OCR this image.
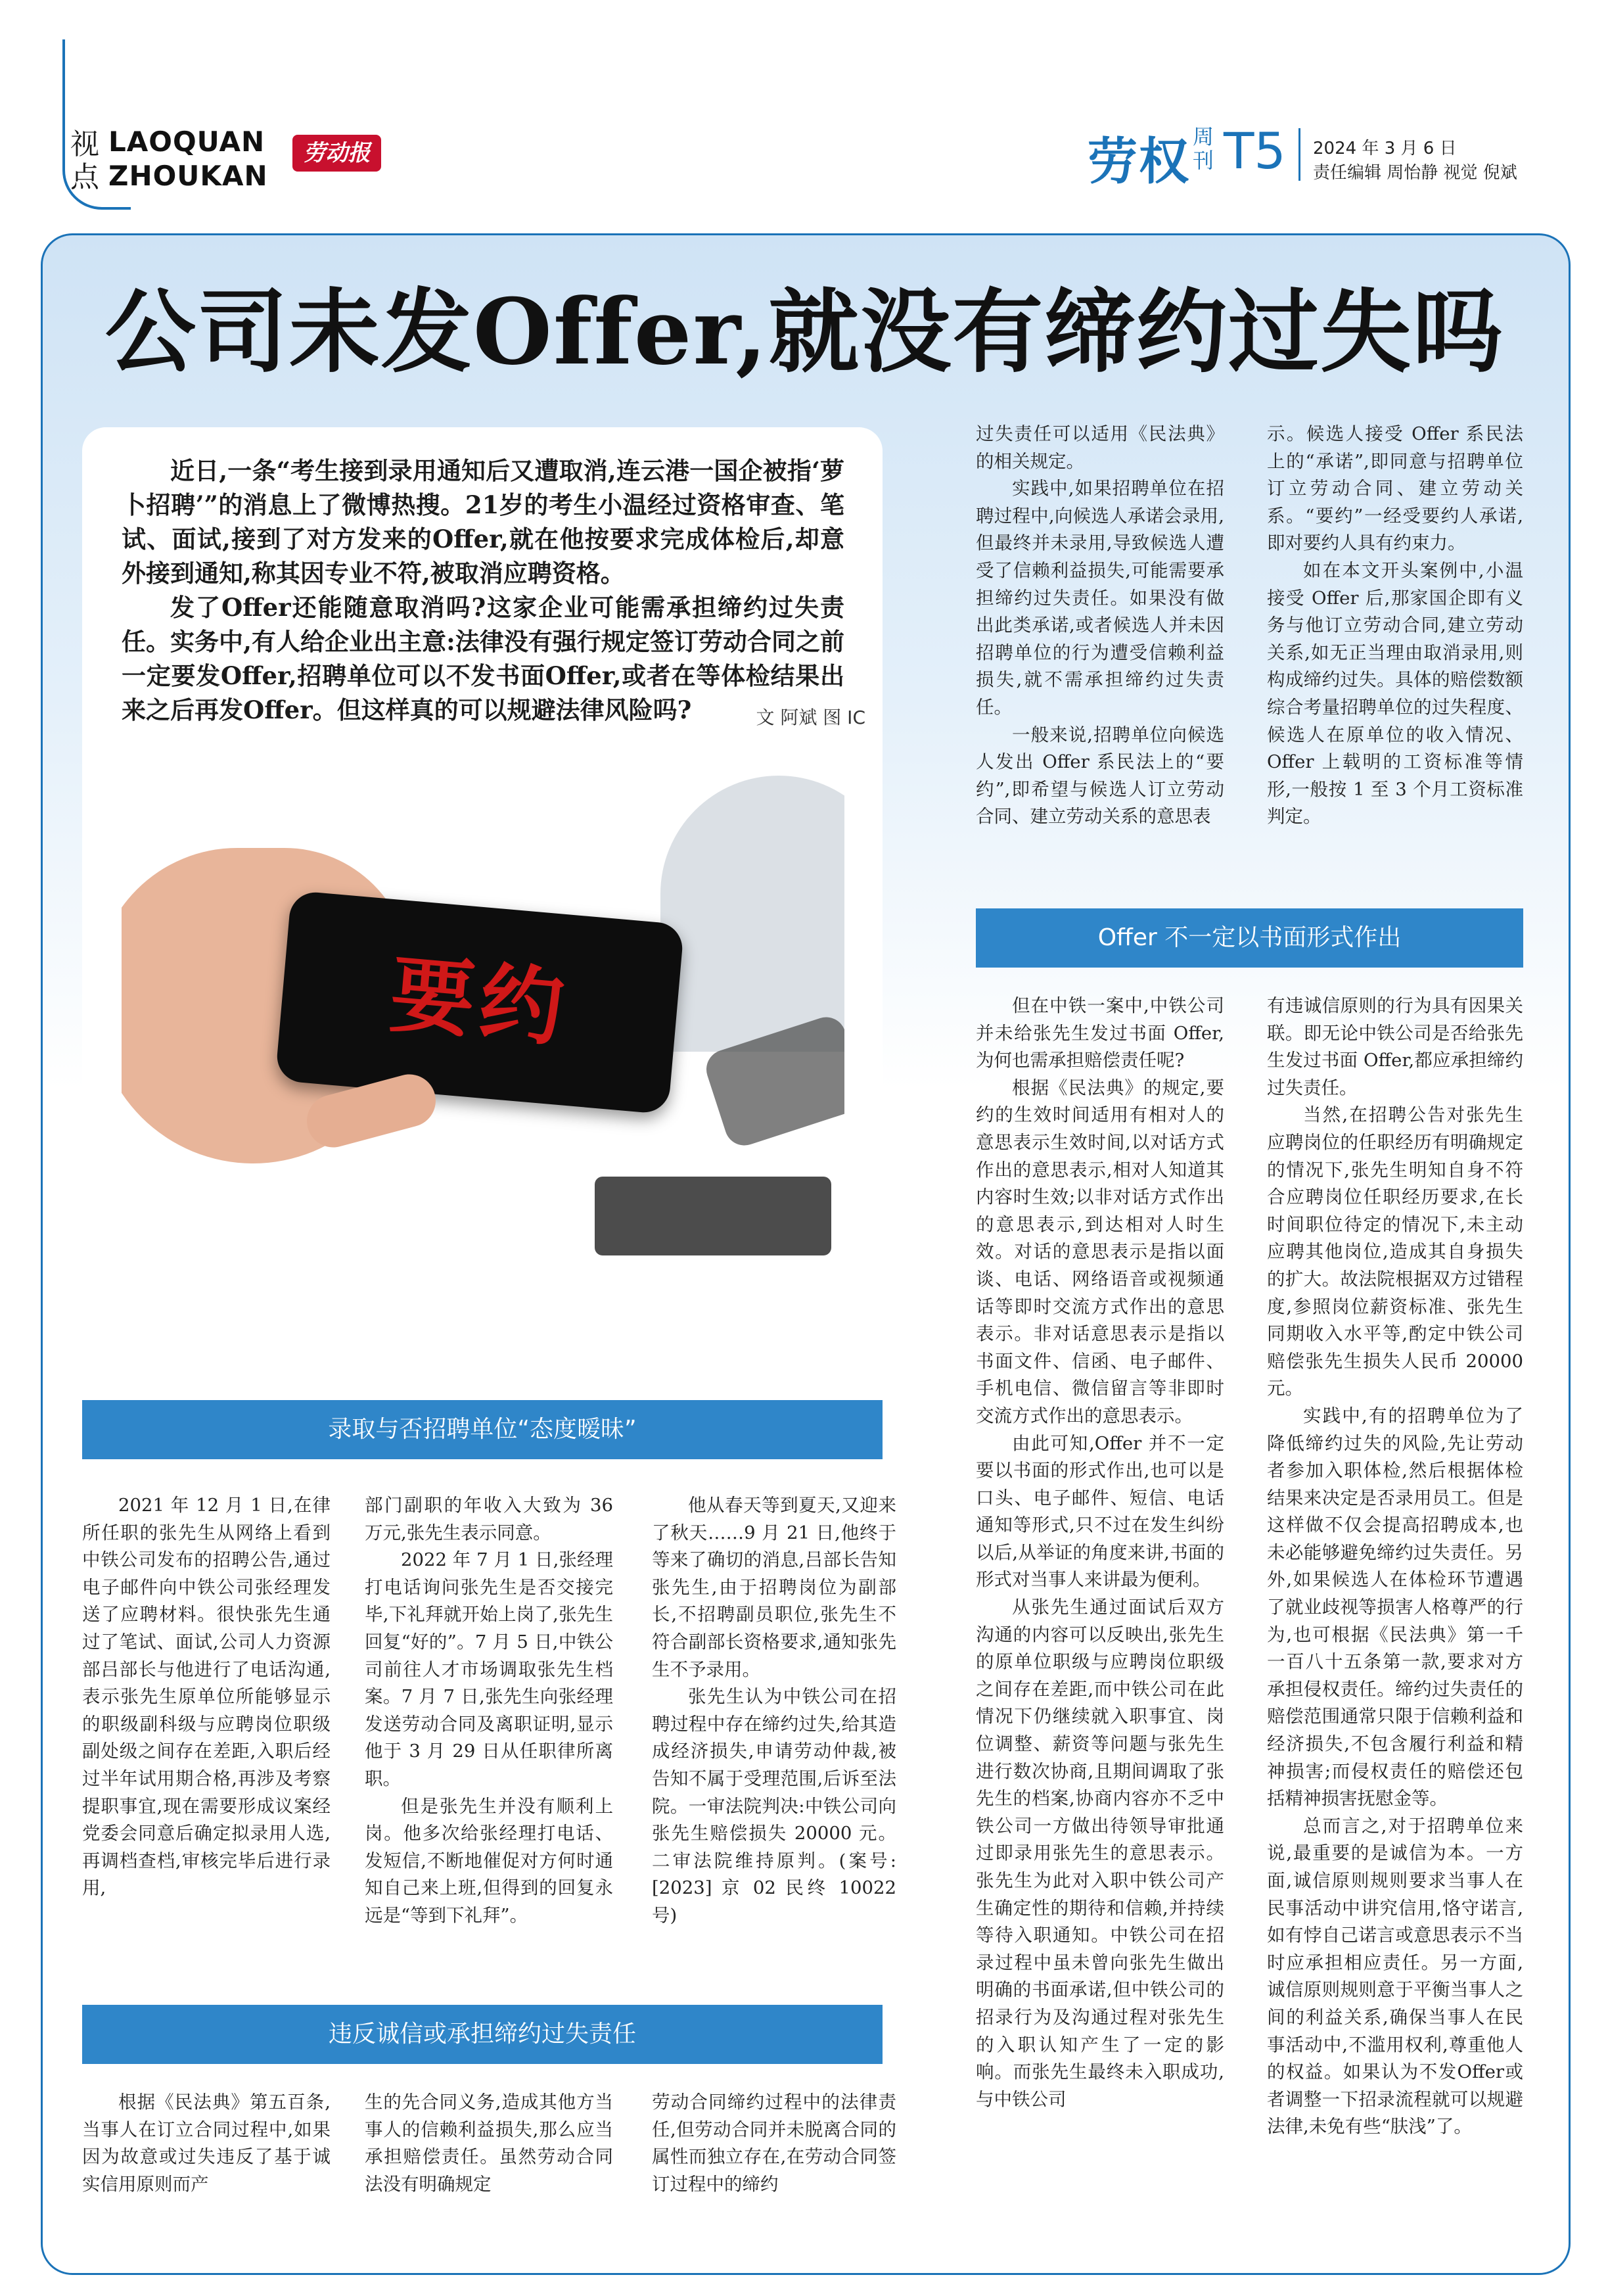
视点
LAOQUAN
ZHOUKAN
劳动报	劳权 周刊 T5 2024 年 3 月 6 日
责任编辑 周怡静 视觉 倪斌
公司未发Offer,就没有缔约过失吗

近日,一条“考生接到录用通知后又遭取消,连云港一国企被指‘萝卜招聘’”的消息上了微博热搜。21岁的考生小温经过资格审查、笔试、面试,接到了对方发来的Offer,就在他按要求完成体检后,却意外接到通知,称其因专业不符,被取消应聘资格。

发了Offer还能随意取消吗?这家企业可能需承担缔约过失责任。实务中,有人给企业出主意:法律没有强行规定签订劳动合同之前一定要发Offer,招聘单位可以不发书面Offer,或者在等体检结果出来之后再发Offer。但这样真的可以规避法律风险吗?	文 阿斌 图 IC
要约
录取与否招聘单位“态度暧昧”

2021 年 12 月 1 日,在律所任职的张先生从网络上看到中铁公司发布的招聘公告,通过电子邮件向中铁公司张经理发送了应聘材料。很快张先生通过了笔试、面试,公司人力资源部吕部长与他进行了电话沟通,表示张先生原单位所能够显示的职级副科级与应聘岗位职级副处级之间存在差距,入职后经过半年试用期合格,再涉及考察提职事宜,现在需要形成议案经党委会同意后确定拟录用人选,再调档查档,审核完毕后进行录用,

部门副职的年收入大致为 36 万元,张先生表示同意。

2022 年 7 月 1 日,张经理打电话询问张先生是否交接完毕,下礼拜就开始上岗了,张先生回复“好的”。7 月 5 日,中铁公司前往人才市场调取张先生档案。7 月 7 日,张先生向张经理发送劳动合同及离职证明,显示他于 3 月 29 日从任职律所离职。

但是张先生并没有顺利上岗。他多次给张经理打电话、发短信,不断地催促对方何时通知自己来上班,但得到的回复永远是“等到下礼拜”。

他从春天等到夏天,又迎来了秋天……9 月 21 日,他终于等来了确切的消息,吕部长告知张先生,由于招聘岗位为副部长,不招聘副员职位,张先生不符合副部长资格要求,通知张先生不予录用。

张先生认为中铁公司在招聘过程中存在缔约过失,给其造成经济损失,申请劳动仲裁,被告知不属于受理范围,后诉至法院。一审法院判决:中铁公司向张先生赔偿损失 20000 元。二审法院维持原判。(案号:[2023] 京 02 民终 10022 号)

违反诚信或承担缔约过失责任

根据《民法典》第五百条,当事人在订立合同过程中,如果因为故意或过失违反了基于诚实信用原则而产

生的先合同义务,造成其他方当事人的信赖利益损失,那么应当承担赔偿责任。虽然劳动合同法没有明确规定

劳动合同缔约过程中的法律责任,但劳动合同并未脱离合同的属性而独立存在,在劳动合同签订过程中的缔约

过失责任可以适用《民法典》的相关规定。

实践中,如果招聘单位在招聘过程中,向候选人承诺会录用,但最终并未录用,导致候选人遭受了信赖利益损失,可能需要承担缔约过失责任。如果没有做出此类承诺,或者候选人并未因招聘单位的行为遭受信赖利益损失,就不需承担缔约过失责任。

一般来说,招聘单位向候选人发出 Offer 系民法上的“要约”,即希望与候选人订立劳动合同、建立劳动关系的意思表

示。候选人接受 Offer 系民法上的“承诺”,即同意与招聘单位订立劳动合同、建立劳动关系。“要约”一经受要约人承诺,即对要约人具有约束力。

如在本文开头案例中,小温接受 Offer 后,那家国企即有义务与他订立劳动合同,建立劳动关系,如无正当理由取消录用,则构成缔约过失。具体的赔偿数额综合考量招聘单位的过失程度、候选人在原单位的收入情况、Offer 上载明的工资标准等情形,一般按 1 至 3 个月工资标准判定。

Offer 不一定以书面形式作出

但在中铁一案中,中铁公司并未给张先生发过书面 Offer,为何也需承担赔偿责任呢?

根据《民法典》的规定,要约的生效时间适用有相对人的意思表示生效时间,以对话方式作出的意思表示,相对人知道其内容时生效;以非对话方式作出的意思表示,到达相对人时生效。对话的意思表示是指以面谈、电话、网络语音或视频通话等即时交流方式作出的意思表示。非对话意思表示是指以书面文件、信函、电子邮件、手机电信、微信留言等非即时交流方式作出的意思表示。

由此可知,Offer 并不一定要以书面的形式作出,也可以是口头、电子邮件、短信、电话通知等形式,只不过在发生纠纷以后,从举证的角度来讲,书面的形式对当事人来讲最为便利。

从张先生通过面试后双方沟通的内容可以反映出,张先生的原单位职级与应聘岗位职级之间存在差距,而中铁公司在此情况下仍继续就入职事宜、岗位调整、薪资等问题与张先生进行数次协商,且期间调取了张先生的档案,协商内容亦不乏中铁公司一方做出待领导审批通过即录用张先生的意思表示。张先生为此对入职中铁公司产生确定性的期待和信赖,并持续等待入职通知。中铁公司在招录过程中虽未曾向张先生做出明确的书面承诺,但中铁公司的招录行为及沟通过程对张先生的入职认知产生了一定的影响。而张先生最终未入职成功,与中铁公司

有违诚信原则的行为具有因果关联。即无论中铁公司是否给张先生发过书面 Offer,都应承担缔约过失责任。

当然,在招聘公告对张先生应聘岗位的任职经历有明确规定的情况下,张先生明知自身不符合应聘岗位任职经历要求,在长时间职位待定的情况下,未主动应聘其他岗位,造成其自身损失的扩大。故法院根据双方过错程度,参照岗位薪资标准、张先生同期收入水平等,酌定中铁公司赔偿张先生损失人民币 20000 元。

实践中,有的招聘单位为了降低缔约过失的风险,先让劳动者参加入职体检,然后根据体检结果来决定是否录用员工。但是这样做不仅会提高招聘成本,也未必能够避免缔约过失责任。另外,如果候选人在体检环节遭遇了就业歧视等损害人格尊严的行为,也可根据《民法典》第一千一百八十五条第一款,要求对方承担侵权责任。缔约过失责任的赔偿范围通常只限于信赖利益和经济损失,不包含履行利益和精神损害;而侵权责任的赔偿还包括精神损害抚慰金等。

总而言之,对于招聘单位来说,最重要的是诚信为本。一方面,诚信原则规则要求当事人在民事活动中讲究信用,恪守诺言,如有悖自己诺言或意思表示不当时应承担相应责任。另一方面,诚信原则规则意于平衡当事人之间的利益关系,确保当事人在民事活动中,不滥用权利,尊重他人的权益。如果认为不发Offer或者调整一下招录流程就可以规避法律,未免有些“肤浅”了。
